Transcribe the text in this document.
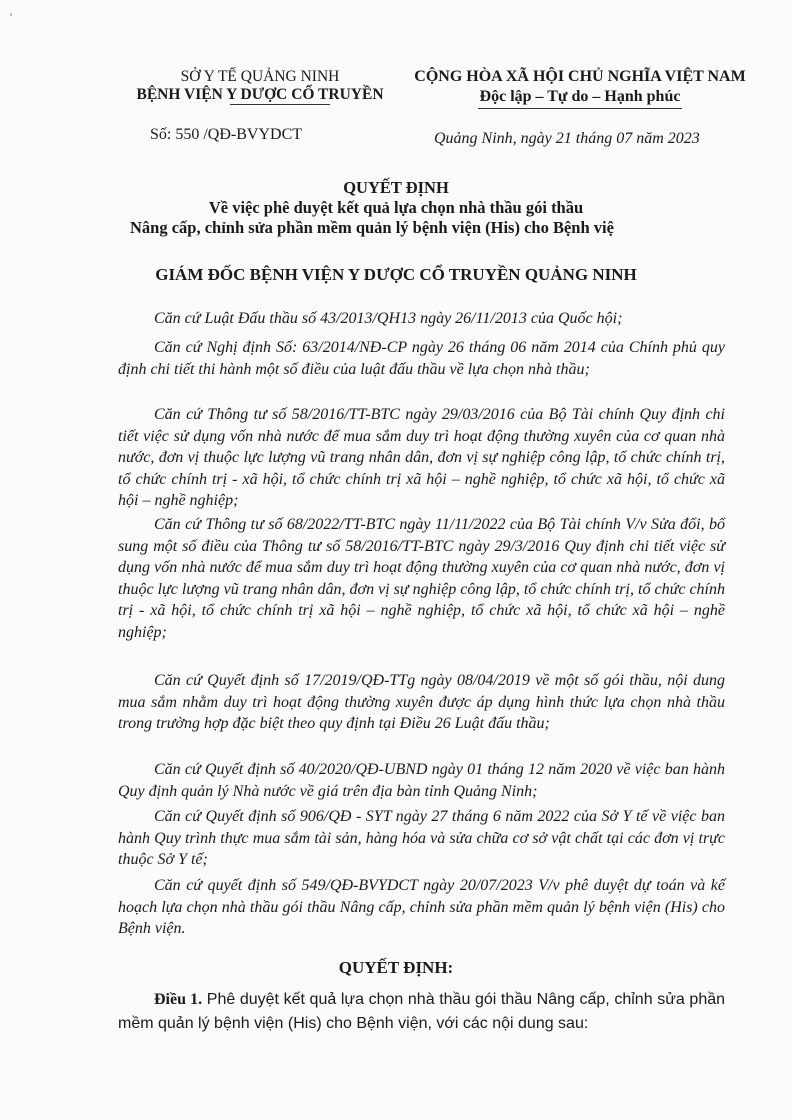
'
SỞ Y TẾ QUẢNG NINH
BỆNH VIỆN Y DƯỢC CỔ TRUYỀN
CỘNG HÒA XÃ HỘI CHỦ NGHĨA VIỆT NAM
Độc lập – Tự do – Hạnh phúc
Số: 550 /QĐ-BVYDCT	Quảng Ninh, ngày 21 tháng 07 năm 2023
QUYẾT ĐỊNH
Về việc phê duyệt kết quả lựa chọn nhà thầu gói thầu
Nâng cấp, chỉnh sửa phần mềm quản lý bệnh viện (His) cho Bệnh việ
GIÁM ĐỐC BỆNH VIỆN Y DƯỢC CỔ TRUYỀN QUẢNG NINH

Căn cứ Luật Đấu thầu số 43/2013/QH13 ngày 26/11/2013 của Quốc hội;

Căn cứ Nghị định Số: 63/2014/NĐ-CP ngày 26 tháng 06 năm 2014 của Chính phủ quy định chi tiết thi hành một số điều của luật đấu thầu về lựa chọn nhà thầu;

Căn cứ Thông tư số 58/2016/TT-BTC ngày 29/03/2016 của Bộ Tài chính Quy định chi tiết việc sử dụng vốn nhà nước để mua sắm duy trì hoạt động thường xuyên của cơ quan nhà nước, đơn vị thuộc lực lượng vũ trang nhân dân, đơn vị sự nghiệp công lập, tổ chức chính trị, tổ chức chính trị - xã hội, tổ chức chính trị xã hội – nghề nghiệp, tổ chức xã hội, tổ chức xã hội – nghề nghiệp;

Căn cứ Thông tư số 68/2022/TT-BTC ngày 11/11/2022 của Bộ Tài chính V/v Sửa đổi, bổ sung một số điều của Thông tư số 58/2016/TT-BTC ngày 29/3/2016 Quy định chi tiết việc sử dụng vốn nhà nước để mua sắm duy trì hoạt động thường xuyên của cơ quan nhà nước, đơn vị thuộc lực lượng vũ trang nhân dân, đơn vị sự nghiệp công lập, tổ chức chính trị, tổ chức chính trị - xã hội, tổ chức chính trị xã hội – nghề nghiệp, tổ chức xã hội, tổ chức xã hội – nghề nghiệp;

Căn cứ Quyết định số 17/2019/QĐ-TTg ngày 08/04/2019 về một số gói thầu, nội dung mua sắm nhằm duy trì hoạt động thường xuyên được áp dụng hình thức lựa chọn nhà thầu trong trường hợp đặc biệt theo quy định tại Điều 26 Luật đấu thầu;

Căn cứ Quyết định số 40/2020/QĐ-UBND ngày 01 tháng 12 năm 2020 về việc ban hành Quy định quản lý Nhà nước về giá trên địa bàn tỉnh Quảng Ninh;

Căn cứ Quyết định số 906/QĐ - SYT ngày 27 tháng 6 năm 2022 của Sở Y tế về việc ban hành Quy trình thực mua sắm tài sản, hàng hóa và sửa chữa cơ sở vật chất tại các đơn vị trực thuộc Sở Y tế;

Căn cứ quyết định số 549/QĐ-BVYDCT ngày 20/07/2023 V/v phê duyệt dự toán và kế hoạch lựa chọn nhà thầu gói thầu Nâng cấp, chỉnh sửa phần mềm quản lý bệnh viện (His) cho Bệnh viện.

QUYẾT ĐỊNH:

Điều 1. Phê duyệt kết quả lựa chọn nhà thầu gói thầu Nâng cấp, chỉnh sửa phần mềm quản lý bệnh viện (His) cho Bệnh viện, với các nội dung sau:
